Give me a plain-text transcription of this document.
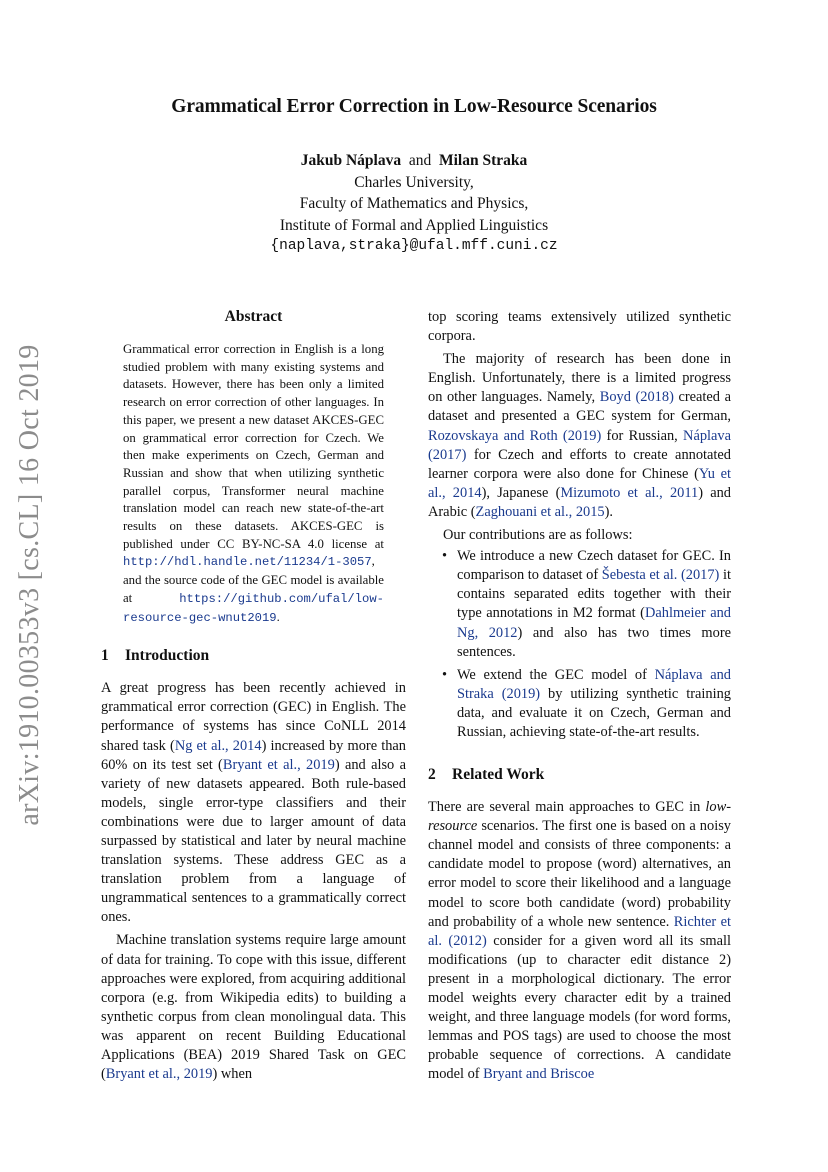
arXiv:1910.00353v3 [cs.CL] 16 Oct 2019
Grammatical Error Correction in Low-Resource Scenarios
Jakub Náplava and Milan Straka
Charles University,
Faculty of Mathematics and Physics,
Institute of Formal and Applied Linguistics
{naplava,straka}@ufal.mff.cuni.cz
Abstract
Grammatical error correction in English is a long studied problem with many existing systems and datasets. However, there has been only a limited research on error correction of other languages. In this paper, we present a new dataset AKCES-GEC on grammatical error correction for Czech. We then make experiments on Czech, German and Russian and show that when utilizing synthetic parallel corpus, Transformer neural machine translation model can reach new state-of-the-art results on these datasets. AKCES-GEC is published under CC BY-NC-SA 4.0 license at http://hdl.handle.net/11234/1-3057, and the source code of the GEC model is available at https://github.com/ufal/low-resource-gec-wnut2019.
1 Introduction

A great progress has been recently achieved in grammatical error correction (GEC) in English. The performance of systems has since CoNLL 2014 shared task (Ng et al., 2014) increased by more than 60% on its test set (Bryant et al., 2019) and also a variety of new datasets appeared. Both rule-based models, single error-type classifiers and their combinations were due to larger amount of data surpassed by statistical and later by neural machine translation systems. These address GEC as a translation problem from a language of ungrammatical sentences to a grammatically correct ones.

Machine translation systems require large amount of data for training. To cope with this issue, different approaches were explored, from acquiring additional corpora (e.g. from Wikipedia edits) to building a synthetic corpus from clean monolingual data. This was apparent on recent Building Educational Applications (BEA) 2019 Shared Task on GEC (Bryant et al., 2019) when

top scoring teams extensively utilized synthetic corpora.

The majority of research has been done in English. Unfortunately, there is a limited progress on other languages. Namely, Boyd (2018) created a dataset and presented a GEC system for German, Rozovskaya and Roth (2019) for Russian, Náplava (2017) for Czech and efforts to create annotated learner corpora were also done for Chinese (Yu et al., 2014), Japanese (Mizumoto et al., 2011) and Arabic (Zaghouani et al., 2015).

Our contributions are as follows:

• We introduce a new Czech dataset for GEC. In comparison to dataset of Šebesta et al. (2017) it contains separated edits together with their type annotations in M2 format (Dahlmeier and Ng, 2012) and also has two times more sentences.
• We extend the GEC model of Náplava and Straka (2019) by utilizing synthetic training data, and evaluate it on Czech, German and Russian, achieving state-of-the-art results.
2 Related Work

There are several main approaches to GEC in low-resource scenarios. The first one is based on a noisy channel model and consists of three components: a candidate model to propose (word) alternatives, an error model to score their likelihood and a language model to score both candidate (word) probability and probability of a whole new sentence. Richter et al. (2012) consider for a given word all its small modifications (up to character edit distance 2) present in a morphological dictionary. The error model weights every character edit by a trained weight, and three language models (for word forms, lemmas and POS tags) are used to choose the most probable sequence of corrections. A candidate model of Bryant and Briscoe
